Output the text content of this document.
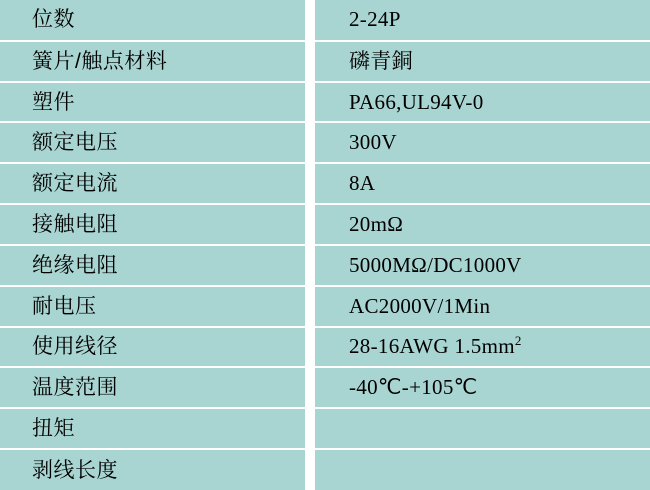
位数	2-24P
簧片/触点材料	磷青銅
塑件	PA66,UL94V-0
额定电压	300V
额定电流	8A
接触电阻	20mΩ
绝缘电阻	5000MΩ/DC1000V
耐电压	AC2000V/1Min
使用线径	28-16AWG $1.5mm^2$
温度范围	-40℃-+105℃
扭矩	
剥线长度	
